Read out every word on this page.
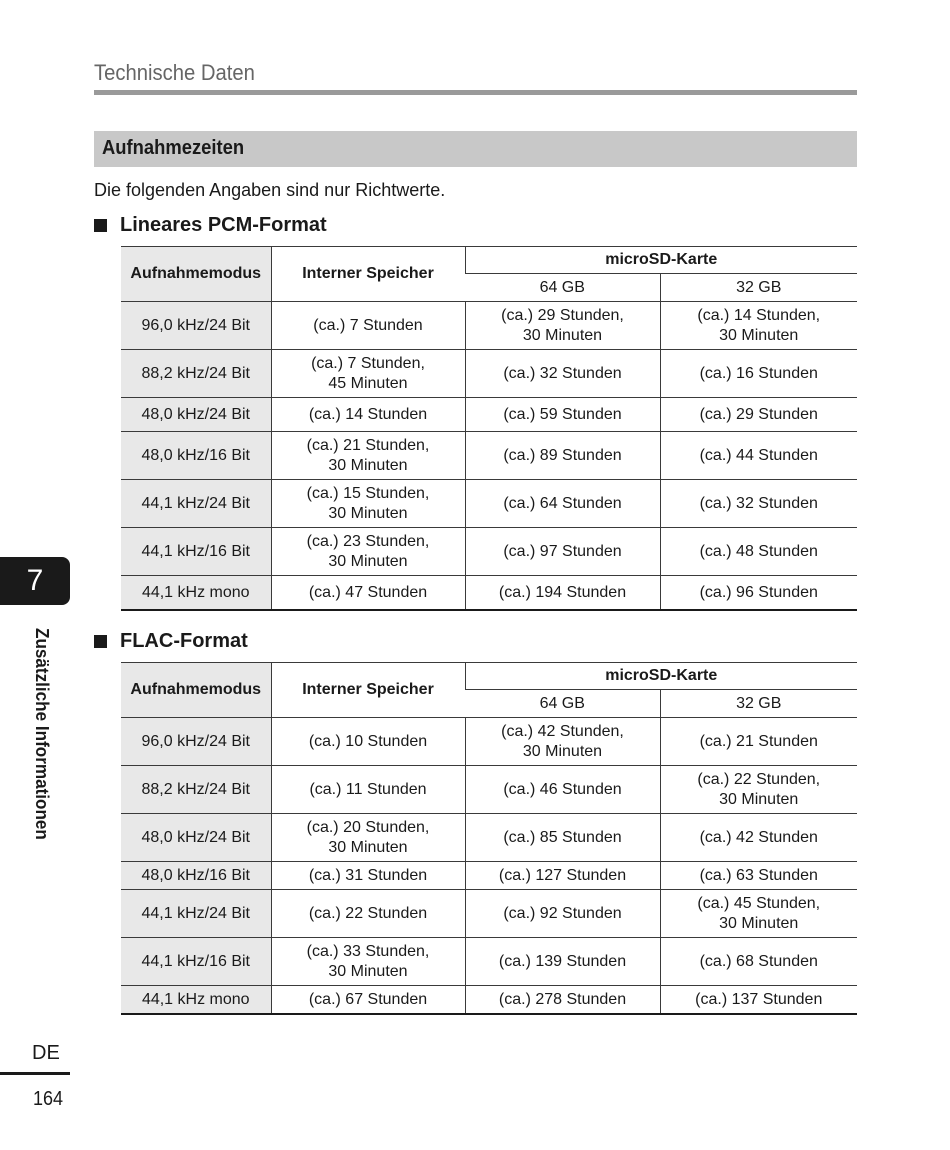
Technische Daten
Aufnahmezeiten
Die folgenden Angaben sind nur Richtwerte.
Lineares PCM-Format
Aufnahmemodus	Interner Speicher	microSD-Karte	
		64 GB	32 GB
96,0 kHz/24 Bit	(ca.) 7 Stunden	(ca.) 29 Stunden,
30 Minuten	(ca.) 14 Stunden,
30 Minuten

88,2 kHz/24 Bit	(ca.) 7 Stunden,
45 Minuten	(ca.) 32 Stunden	(ca.) 16 Stunden

48,0 kHz/24 Bit	(ca.) 14 Stunden	(ca.) 59 Stunden	(ca.) 29 Stunden

48,0 kHz/16 Bit	(ca.) 21 Stunden,
30 Minuten	(ca.) 89 Stunden	(ca.) 44 Stunden

44,1 kHz/24 Bit	(ca.) 15 Stunden,
30 Minuten	(ca.) 64 Stunden	(ca.) 32 Stunden

44,1 kHz/16 Bit	(ca.) 23 Stunden,
30 Minuten	(ca.) 97 Stunden	(ca.) 48 Stunden

44,1 kHz mono	(ca.) 47 Stunden	(ca.) 194 Stunden	(ca.) 96 Stunden
FLAC-Format
Aufnahmemodus	Interner Speicher	microSD-Karte	
		64 GB	32 GB
96,0 kHz/24 Bit	(ca.) 10 Stunden	(ca.) 42 Stunden,
30 Minuten	(ca.) 21 Stunden

88,2 kHz/24 Bit	(ca.) 11 Stunden	(ca.) 46 Stunden	(ca.) 22 Stunden,
30 Minuten

48,0 kHz/24 Bit	(ca.) 20 Stunden,
30 Minuten	(ca.) 85 Stunden	(ca.) 42 Stunden

48,0 kHz/16 Bit	(ca.) 31 Stunden	(ca.) 127 Stunden	(ca.) 63 Stunden

44,1 kHz/24 Bit	(ca.) 22 Stunden	(ca.) 92 Stunden	(ca.) 45 Stunden,
30 Minuten

44,1 kHz/16 Bit	(ca.) 33 Stunden,
30 Minuten	(ca.) 139 Stunden	(ca.) 68 Stunden

44,1 kHz mono	(ca.) 67 Stunden	(ca.) 278 Stunden	(ca.) 137 Stunden
7
Zusätzliche Informationen
DE
164
